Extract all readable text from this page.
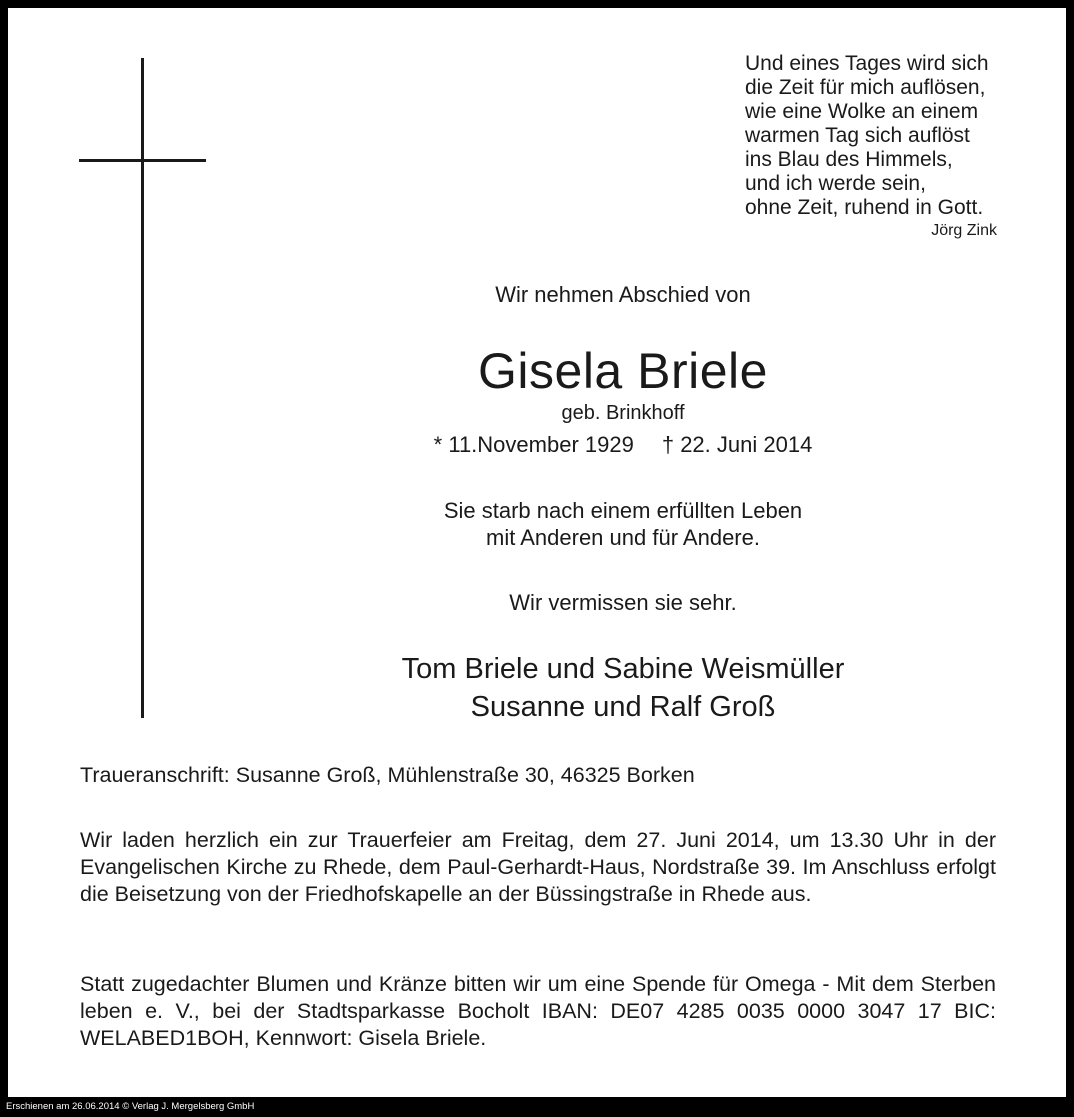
Und eines Tages wird sich
die Zeit für mich auflösen,
wie eine Wolke an einem
warmen Tag sich auflöst
ins Blau des Himmels,
und ich werde sein,
ohne Zeit, ruhend in Gott.
Jörg Zink
Wir nehmen Abschied von
Gisela Briele
geb. Brinkhoff
* 11.November 1929 † 22. Juni 2014
Sie starb nach einem erfüllten Leben
mit Anderen und für Andere.
Wir vermissen sie sehr.
Tom Briele und Sabine Weismüller
Susanne und Ralf Groß
Traueranschrift: Susanne Groß, Mühlenstraße 30, 46325 Borken
Wir laden herzlich ein zur Trauerfeier am Freitag, dem 27. Juni 2014, um 13.30 Uhr in der Evangelischen Kirche zu Rhede, dem Paul-Gerhardt-Haus, Nordstraße 39. Im Anschluss erfolgt die Beisetzung von der Friedhofskapelle an der Büssingstraße in Rhede aus.
Statt zugedachter Blumen und Kränze bitten wir um eine Spende für Omega - Mit dem Sterben leben e. V., bei der Stadtsparkasse Bocholt IBAN: DE07 4285 0035 0000 3047 17 BIC: WELABED1BOH, Kennwort: Gisela Briele.
Erschienen am 26.06.2014 © Verlag J. Mergelsberg GmbH
